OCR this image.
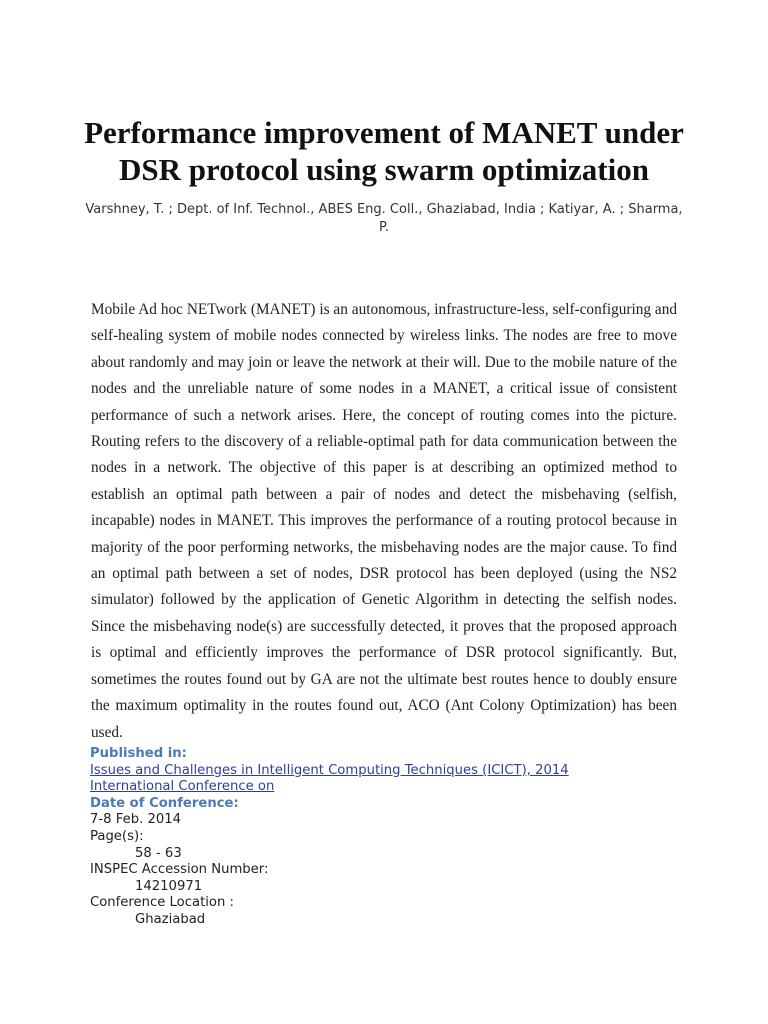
Performance improvement of MANET under DSR protocol using swarm optimization
Varshney, T. ; Dept. of Inf. Technol., ABES Eng. Coll., Ghaziabad, India ; Katiyar, A. ; Sharma, P.

Mobile Ad hoc NETwork (MANET) is an autonomous, infrastructure-less, self-configuring and self-healing system of mobile nodes connected by wireless links. The nodes are free to move about randomly and may join or leave the network at their will. Due to the mobile nature of the nodes and the unreliable nature of some nodes in a MANET, a critical issue of consistent performance of such a network arises. Here, the concept of routing comes into the picture. Routing refers to the discovery of a reliable-optimal path for data communication between the nodes in a network. The objective of this paper is at describing an optimized method to establish an optimal path between a pair of nodes and detect the misbehaving (selfish, incapable) nodes in MANET. This improves the performance of a routing protocol because in majority of the poor performing networks, the misbehaving nodes are the major cause. To find an optimal path between a set of nodes, DSR protocol has been deployed (using the NS2 simulator) followed by the application of Genetic Algorithm in detecting the selfish nodes. Since the misbehaving node(s) are successfully detected, it proves that the proposed approach is optimal and efficiently improves the performance of DSR protocol significantly. But, sometimes the routes found out by GA are not the ultimate best routes hence to doubly ensure the maximum optimality in the routes found out, ACO (Ant Colony Optimization) has been used.

Published in:
Issues and Challenges in Intelligent Computing Techniques (ICICT), 2014 International Conference on
Date of Conference:
7-8 Feb. 2014
Page(s):
58 - 63
INSPEC Accession Number:
14210971
Conference Location :
Ghaziabad
